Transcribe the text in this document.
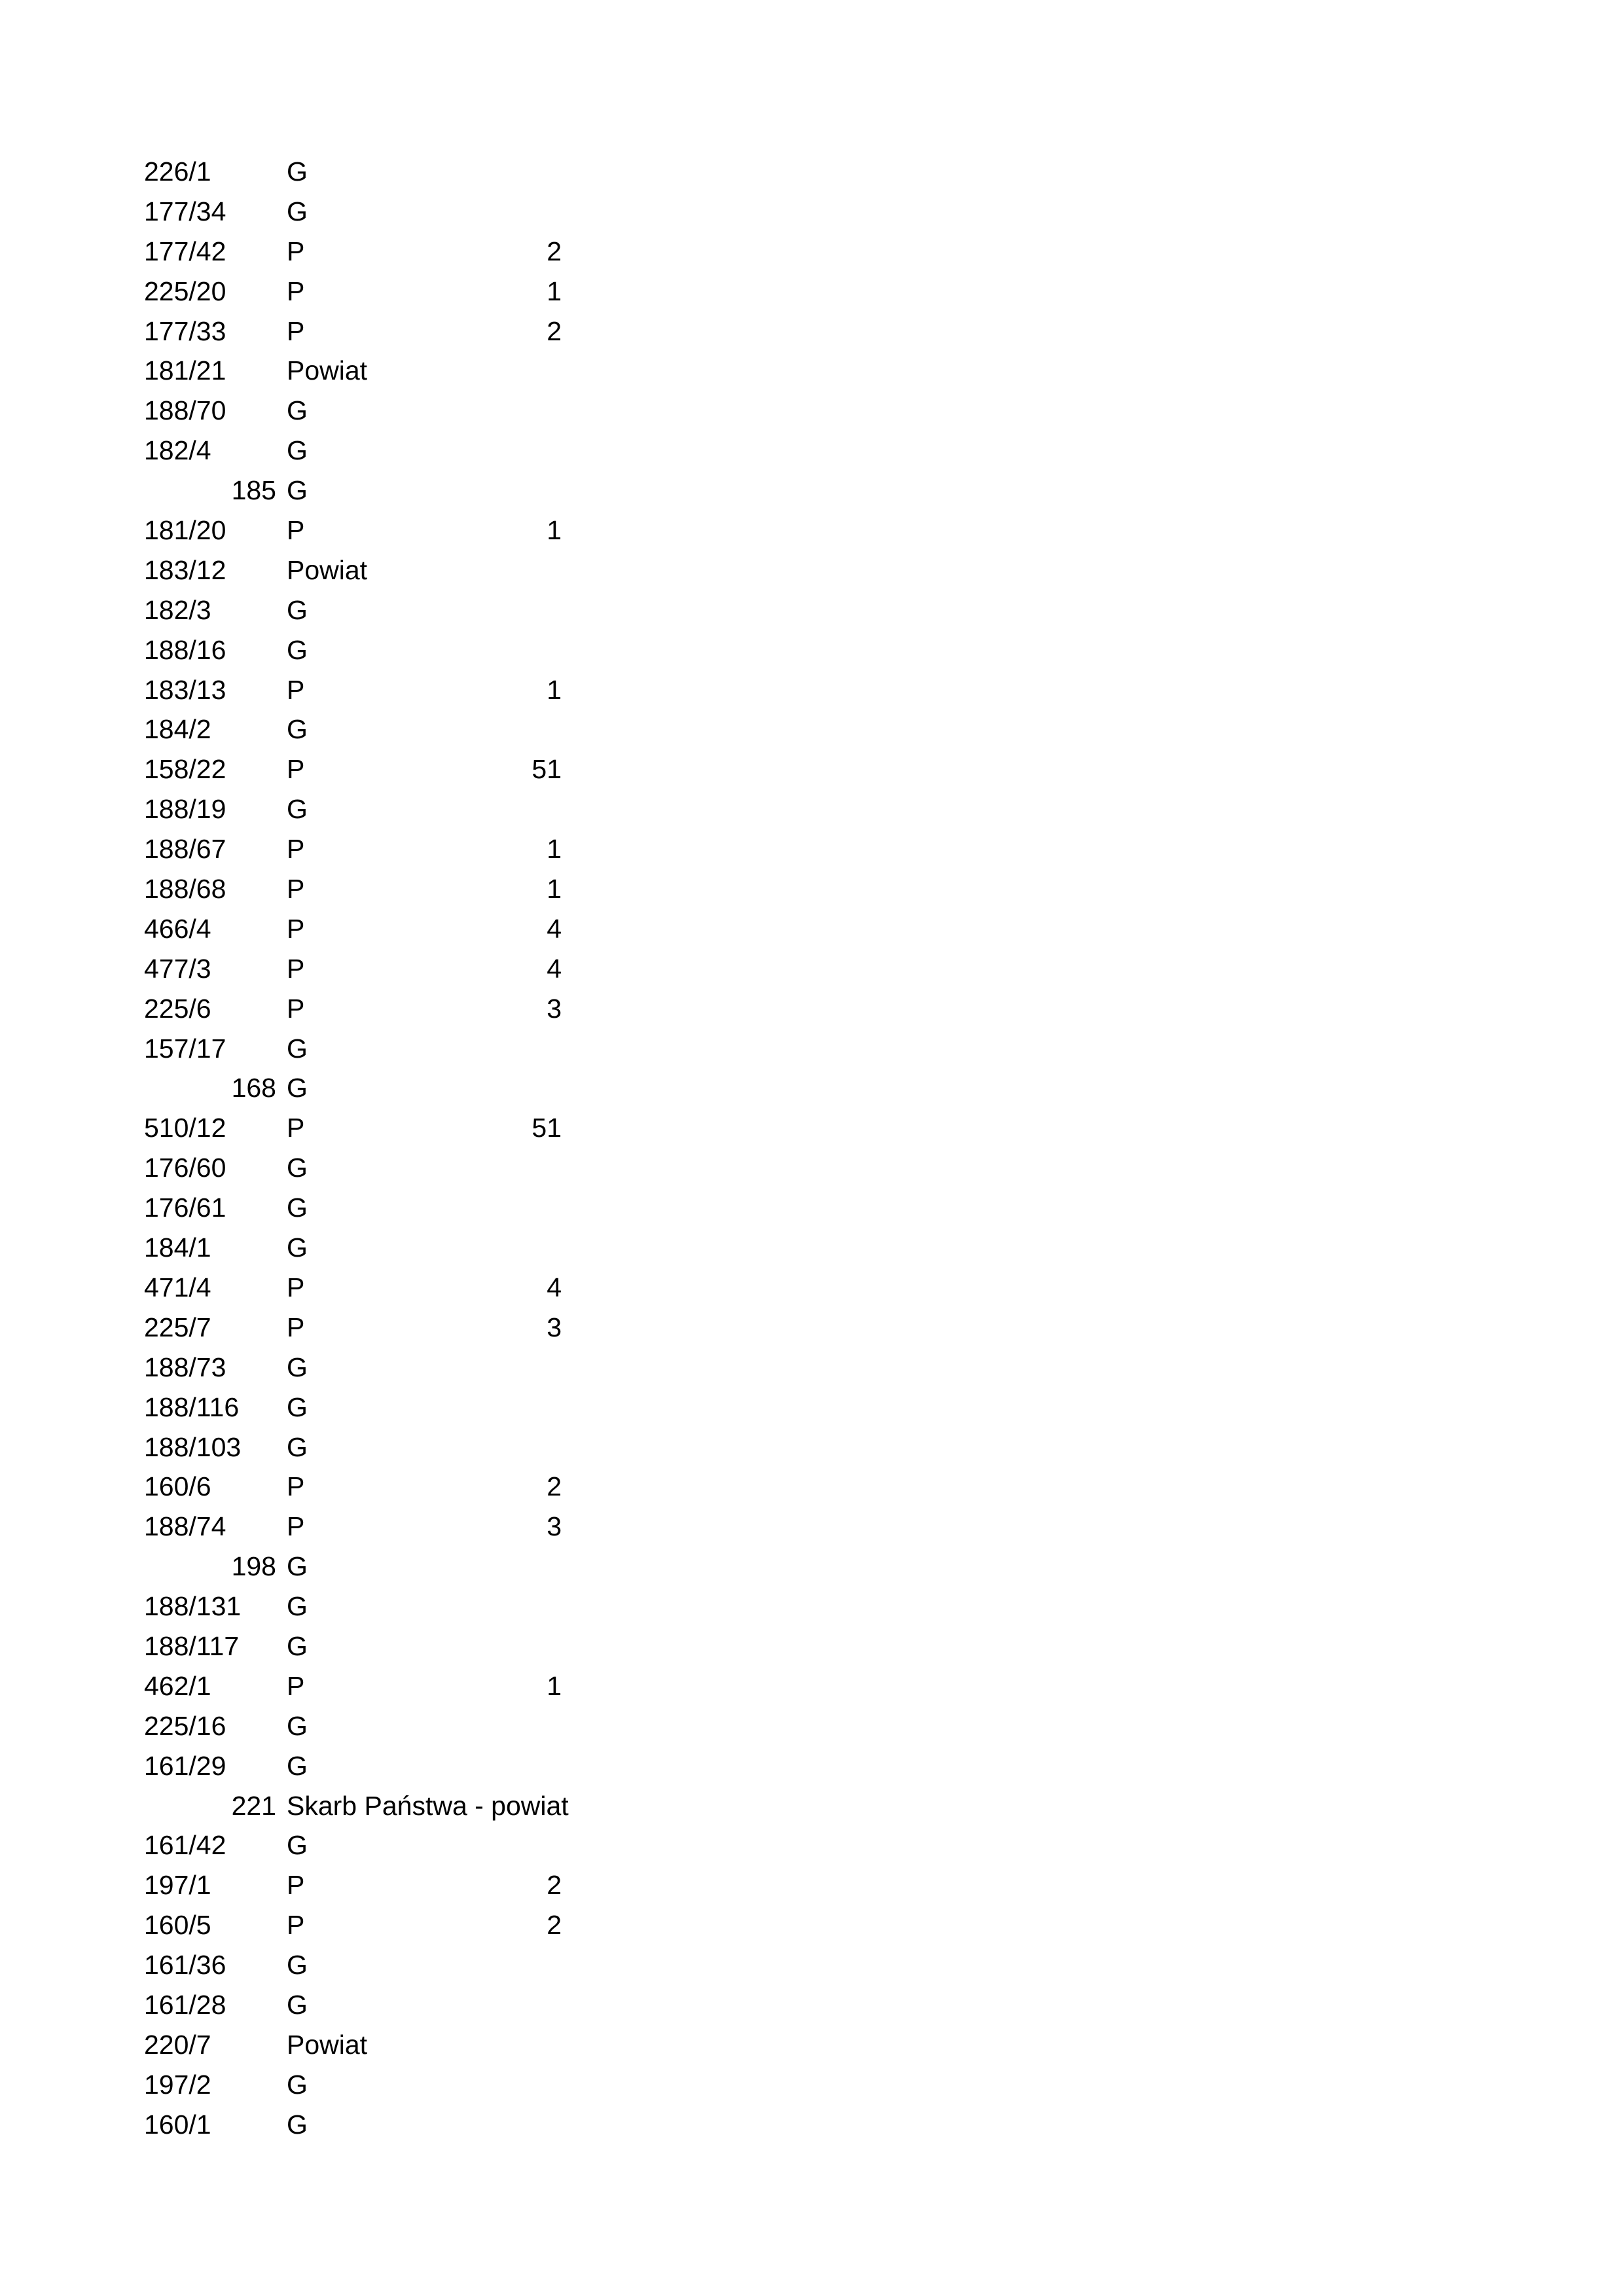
226/1	G
177/34	G
177/42	P	2
225/20	P	1
177/33	P	2
181/21	Powiat
188/70	G
182/4	G
185 G
181/20	P	1
183/12	Powiat
182/3	G
188/16	G
183/13	P	1
184/2	G
158/22	P	51
188/19	G
188/67	P	1
188/68	P	1
466/4	P	4
477/3	P	4
225/6	P	3
157/17	G
168 G
510/12	P	51
176/60	G
176/61	G
184/1	G
471/4	P	4
225/7	P	3
188/73	G
188/116	G
188/103	G
160/6	P	2
188/74	P	3
198 G
188/131	G
188/117	G
462/1	P	1
225/16	G
161/29	G
221 Skarb Państwa - powiat
161/42	G
197/1	P	2
160/5	P	2
161/36	G
161/28	G
220/7	Powiat
197/2	G
160/1	G
